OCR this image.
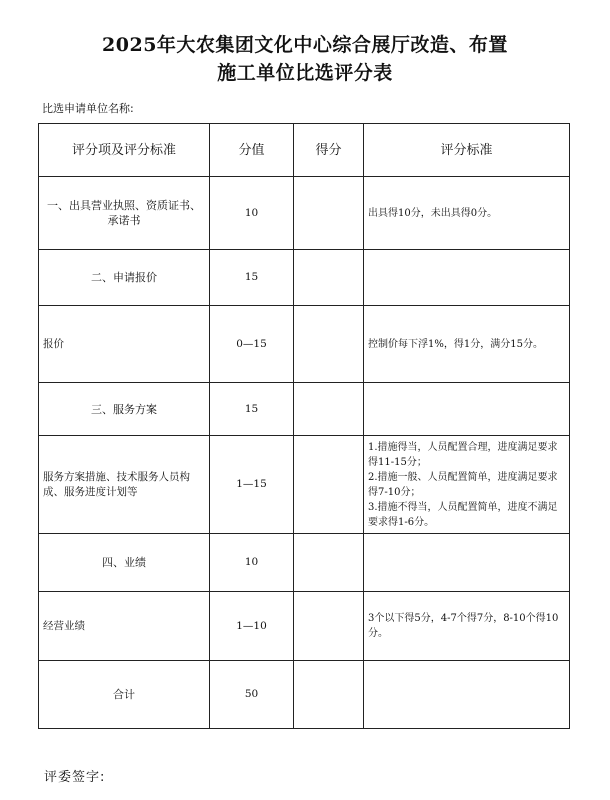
2025年大农集团文化中心综合展厅改造、布置
施工单位比选评分表
比选申请单位名称:
评分项及评分标准	分值	得分	评分标准
一、出具营业执照、资质证书、承诺书	10		出具得10分，未出具得0分。

二、申请报价	15		
报价	0—15		控制价每下浮1%，得1分，满分15分。

三、服务方案	15		
服务方案措施、技术服务人员构成、服务进度计划等	1—15		1.措施得当，人员配置合理，进度满足要求得11-15分；
2.措施一般、人员配置简单，进度满足要求得7-10分；
3.措施不得当，人员配置简单，进度不满足要求得1-6分。

四、业绩	10		
经营业绩	1—10		3个以下得5分，4-7个得7分，8-10个得10分。

合计	50		
评委签字:
